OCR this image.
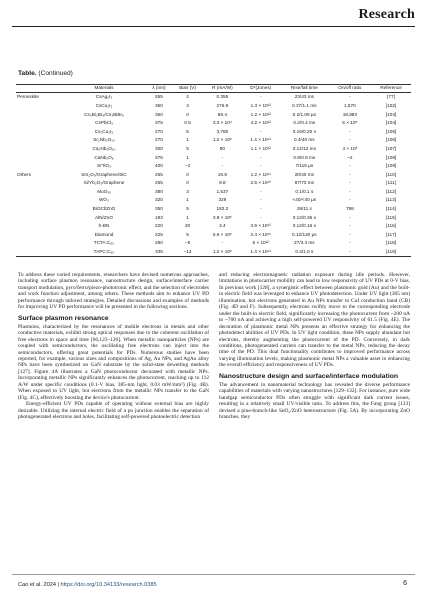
Research
Table. (Continued)
	Materials	λ (nm)	Bias (V)	R (mA/W)	D*(Jones)	Rise/fall time	On/off ratio	Reference
Perovskite	CsAg₂I₃	265	2	0.355	-	23/43 ms	-	[77]
	CsCu₂I₃	360	3	276.9	1.3 × 10¹²	0.37/1.1 ms	1,570	[102]
	Cs₃Bi₂Br₉/Cs₃BiBr₆	360	0	59.4	1.2 × 10¹²	0.2/1.09 μs	18,883	[103]
	CsPbCl₃	375	0.5	3.3 × 10⁴	4.2 × 10¹²	0.2/0.4 ms	5 × 10⁵	[104]
	Cs₂Cu₂I₅	270	5	3,780	-	0.16/0.20 s	-	[105]
	Sr₂Nb₃O₁₀	270	1	1.2 × 10⁶	1.4 × 10¹⁴	0.4/40 ms	-	[106]
	Ca₂Nb₃O₁₀	300	5	80	1.1 × 10¹²	0.12/12 ms	4 × 10³	[107]
	CaNb₂O₆	375	1	-	-	0.8/0.9 ms	~2	[108]
	SrTiO₃	400	−2	-	-	7/115 μs	-	[109]
Others	Sm₂O₃/Graphene/SiC	255	0	19.8	1.2 × 10¹¹	20/40 ms	-	[110]
	Si/Yb₂O₃/Graphene	255	0	9.8	2.5 × 10¹⁰	87/73 ms	-	[111]
	MoO₃ₓ	380	3	1,537	-	0.1/0.1 s	-	[112]
	WO₃	320	1	329	-	<40/<40 μs	-	[113]
	BiOCl/ZnO	350	5	182.2	-	29/11 s	798	[114]
	AlN/ZnO	193	1	3.8 × 10⁵	-	0.12/0.36 s	-	[115]
	h-BN	220	20	3.4	3.9 × 10¹⁰	0.12/0.16 s	-	[116]
	Diamond	225	5	5.9 × 10⁵	3.4 × 10¹⁵	0.12/120 μs	-	[117]
	TCTA:C₆₀	280	−5	-	6 × 10¹²	27/3.3 ms	-	[118]
	TAPC:C₆₀	335	−14	1.2 × 10⁶	1.3 × 10¹⁴	0.4/1.0 s	-	[119]

To address these varied requirements, researchers have devised numerous approaches, including surface plasmon resonance, nanostructure design, surface/interface carrier transport modulation, pyro/ferro/piezo-phototronic effect, and the selection of electrodes and work function adjustment, among others. These methods aim to enhance UV PD performance through tailored strategies. Detailed discussions and examples of methods for improving UV PD performance will be presented in the following sections.

Surface plasmon resonance

Plasmons, characterized by the resonances of mobile electrons in metals and other conductive materials, exhibit strong optical responses due to the coherent oscillation of free electrons in space and time [66,123–126]. When metallic nanoparticles (NPs) are coupled with semiconductors, the oscillating free electrons can inject into the semiconductors, offering great potentials for PDs. Numerous studies have been reported, for example, various sizes and compositions of Ag, Au NPs, and AgAu alloy NPs have been synthesized on GaN substrate by the solid-state dewetting methods [127]. Figure 4A illustrates a GaN photoconductor decorated with metallic NPs. Incorporating metallic NPs significantly enhances the photocurrent, reaching up to 112 A/W under specific conditions (0.1-V bias, 385-nm light, 0.03 mW/mm²) (Fig. 4B). When exposed to UV light, hot electrons from the metallic NPs transfer to the GaN (Fig. 4C), effectively boosting the device's photocurrent.

Energy-efficient UV PDs capable of operating without external bias are highly desirable. Utilizing the internal electric field of a pn junction enables the separation of photogenerated electrons and holes, facilitating self-powered photoelectric detection

and reducing electromagnetic radiation exposure during idle periods. However, limitations in photocarrier mobility can lead to low responsivity of UV PDs at 0-V bias. In previous work [128], a synergistic effect between plasmonic gold (Au) and the built-in electric field was leveraged to enhance UV photodetection. Under UV light (365 nm) illumination, hot electrons generated in Au NPs transfer to CuI conduction band (CB) (Fig. 4D and F). Subsequently, electrons swiftly move to the corresponding electrode under the built-in electric field, significantly increasing the photocurrent from ~200 nA to ~700 nA and achieving a high self-powered UV responsivity of 61.5 (Fig. 4E). The decoration of plasmonic metal NPs presents an effective strategy for enhancing the photodetect abilities of UV PDs. In UV light condition, these NPs supply abundant hot electrons, thereby augmenting the photocurrent of the PD. Conversely, in dark conditions, photogenerated carriers can transfer to the metal NPs, reducing the decay time of the PD. This dual functionality contributes to improved performance across varying illumination levels, making plasmonic metal NPs a valuable asset in enhancing the overall efficiency and responsiveness of UV PDs.

Nanostructure design and surface/interface modulation

The advancement in nanomaterial technology has revealed the diverse performance capabilities of materials with varying nanostructures [129–132]. For instance, pure wide bandgap semiconductor PDs often struggle with significant dark current issues, resulting in a relatively small UV/visible ratio. To address this, the Fang group [133] devised a pine-branch-like SnO₂/ZnO heterostructure (Fig. 5A). By incorporating ZnO branches, they

Cao et al. 2024 | https://doi.org/10.34133/research.0385	6
